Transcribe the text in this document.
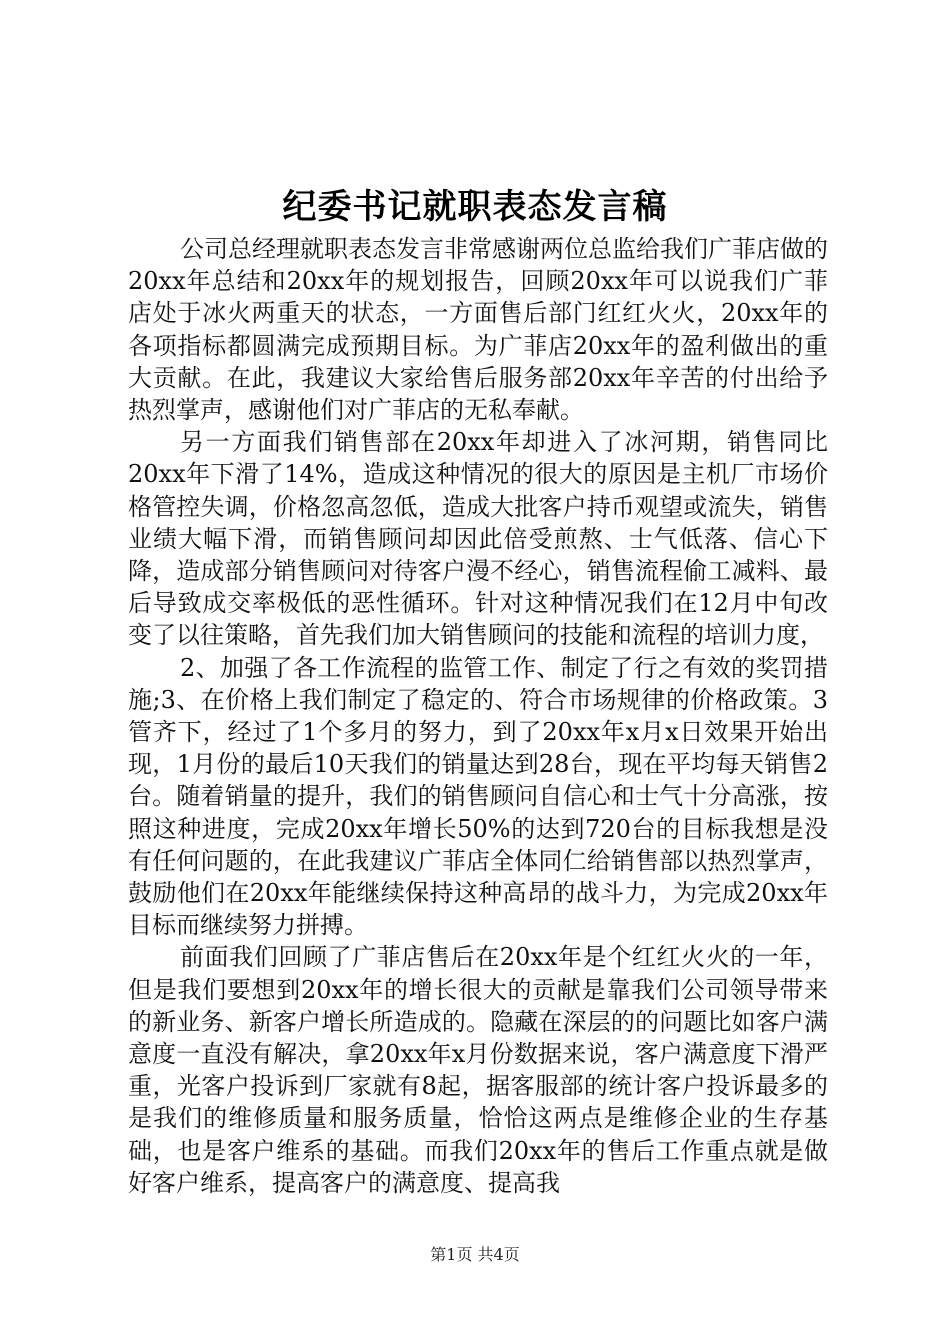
纪委书记就职表态发言稿

公司总经理就职表态发言非常感谢两位总监给我们广菲店做的20xx年总结和20xx年的规划报告，回顾20xx年可以说我们广菲店处于冰火两重天的状态，一方面售后部门红红火火，20xx年的各项指标都圆满完成预期目标。为广菲店20xx年的盈利做出的重大贡献。在此，我建议大家给售后服务部20xx年辛苦的付出给予热烈掌声，感谢他们对广菲店的无私奉献。

另一方面我们销售部在20xx年却进入了冰河期，销售同比20xx年下滑了14%，造成这种情况的很大的原因是主机厂市场价格管控失调，价格忽高忽低，造成大批客户持币观望或流失，销售业绩大幅下滑，而销售顾问却因此倍受煎熬、士气低落、信心下降，造成部分销售顾问对待客户漫不经心，销售流程偷工减料、最后导致成交率极低的恶性循环。针对这种情况我们在12月中旬改变了以往策略，首先我们加大销售顾问的技能和流程的培训力度，

2、加强了各工作流程的监管工作、制定了行之有效的奖罚措施;3、在价格上我们制定了稳定的、符合市场规律的价格政策。3管齐下，经过了1个多月的努力，到了20xx年x月x日效果开始出现，1月份的最后10天我们的销量达到28台，现在平均每天销售2台。随着销量的提升，我们的销售顾问自信心和士气十分高涨，按照这种进度，完成20xx年增长50%的达到720台的目标我想是没有任何问题的，在此我建议广菲店全体同仁给销售部以热烈掌声，鼓励他们在20xx年能继续保持这种高昂的战斗力，为完成20xx年目标而继续努力拼搏。

前面我们回顾了广菲店售后在20xx年是个红红火火的一年，但是我们要想到20xx年的增长很大的贡献是靠我们公司领导带来的新业务、新客户增长所造成的。隐藏在深层的的问题比如客户满意度一直没有解决，拿20xx年x月份数据来说，客户满意度下滑严重，光客户投诉到厂家就有8起，据客服部的统计客户投诉最多的是我们的维修质量和服务质量，恰恰这两点是维修企业的生存基础，也是客户维系的基础。而我们20xx年的售后工作重点就是做好客户维系，提高客户的满意度、提高我

第1页 共4页
